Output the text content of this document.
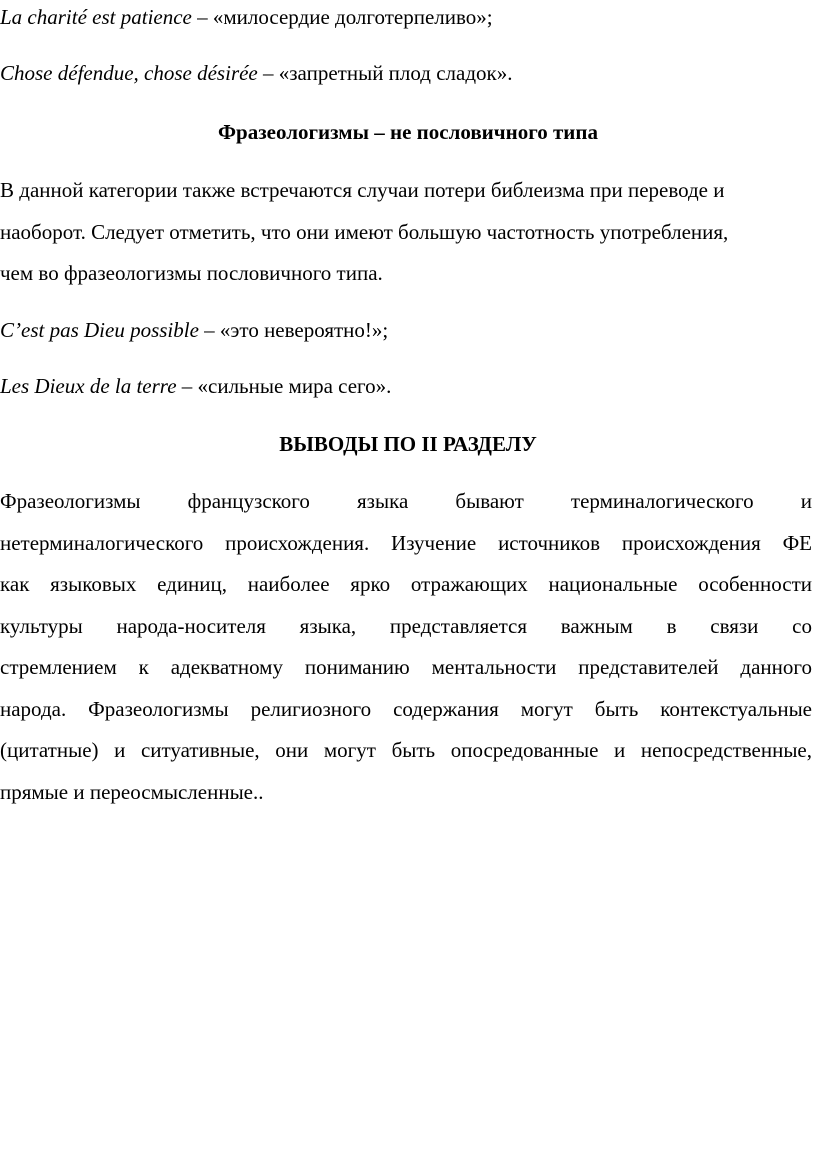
La charité est patience – «милосердие долготерпеливо»;

Chose défendue, chose désirée – «запретный плод сладок».

Фразеологизмы – не пословичного типа
В данной категории также встречаются случаи потери библеизма при переводе и
наоборот. Следует отметить, что они имеют большую частотность употребления,
чем во фразеологизмы пословичного типа.

C’est pas Dieu possible – «это невероятно!»;

Les Dieux de la terre – «сильные мира сего».

ВЫВОДЫ ПО II РАЗДЕЛУ
Фразеологизмы французского языка бывают терминалогического и
нетерминалогического происхождения. Изучение источников происхождения ФЕ
как языковых единиц, наиболее ярко отражающих национальные особенности
культуры народа-носителя языка, представляется важным в связи со
стремлением к адекватному пониманию ментальности представителей данного
народа. Фразеологизмы религиозного содержания могут быть контекстуальные
(цитатные) и ситуативные, они могут быть опосредованные и непосредственные,
прямые и переосмысленные..
